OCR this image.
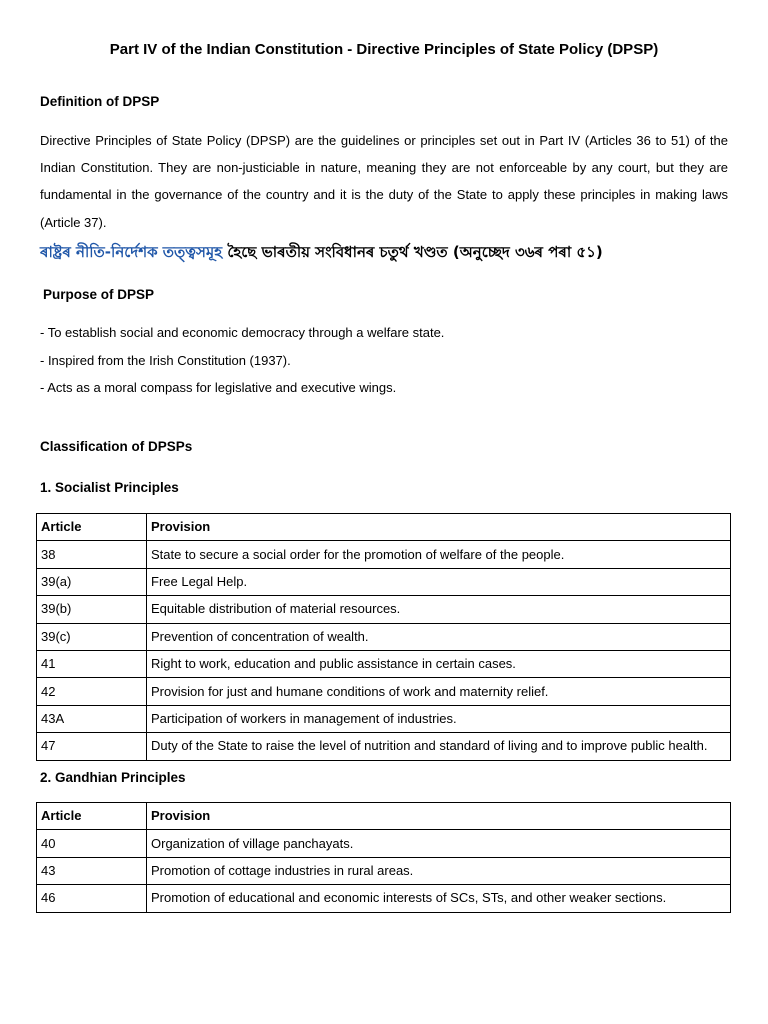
Part IV of the Indian Constitution - Directive Principles of State Policy (DPSP)
Definition of DPSP
Directive Principles of State Policy (DPSP) are the guidelines or principles set out in Part IV (Articles 36 to 51) of the Indian Constitution. They are non-justiciable in nature, meaning they are not enforceable by any court, but they are fundamental in the governance of the country and it is the duty of the State to apply these principles in making laws (Article 37).
ৰাষ্ট্ৰৰ নীতি-নিৰ্দেশক তত্ত্বসমূহ হৈছে ভাৰতীয় সংবিধানৰ চতুৰ্থ খণ্ডত (অনুচ্ছেদ ৩৬ৰ পৰা ৫১)
Purpose of DPSP
- To establish social and economic democracy through a welfare state.
- Inspired from the Irish Constitution (1937).
- Acts as a moral compass for legislative and executive wings.
Classification of DPSPs
1. Socialist Principles
Article	Provision
38	State to secure a social order for the promotion of welfare of the people.
39(a)	Free Legal Help.
39(b)	Equitable distribution of material resources.
39(c)	Prevention of concentration of wealth.
41	Right to work, education and public assistance in certain cases.
42	Provision for just and humane conditions of work and maternity relief.
43A	Participation of workers in management of industries.
47	Duty of the State to raise the level of nutrition and standard of living and to improve public health.
2. Gandhian Principles
Article	Provision
40	Organization of village panchayats.
43	Promotion of cottage industries in rural areas.
46	Promotion of educational and economic interests of SCs, STs, and other weaker sections.
